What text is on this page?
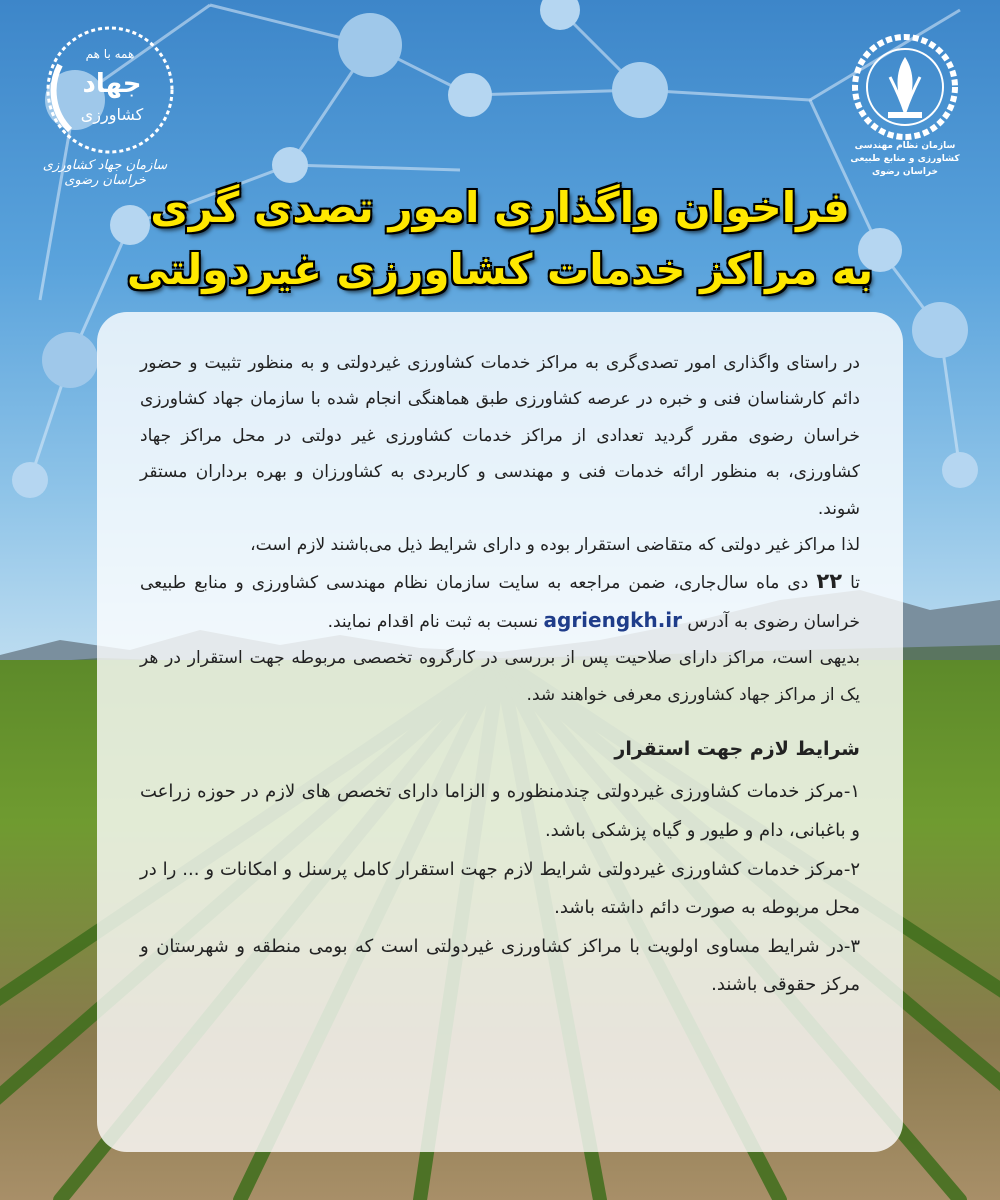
همه با هم
جهاد
کشاورزی
سازمان جهاد کشاورزی خراسان رضوی
سازمان نظام مهندسی کشاورزی و منابع طبیعی خراسان رضوی
فراخوان واگذاری امور تصدی گری
به مراکز خدمات کشاورزی غیردولتی

در راستای واگذاری امور تصدی‌گری به مراکز خدمات کشاورزی غیردولتی و به منظور تثبیت و حضور دائم کارشناسان فنی و خبره در عرصه کشاورزی طبق هماهنگی انجام شده با سازمان جهاد کشاورزی خراسان رضوی مقرر گردید تعدادی از مراکز خدمات کشاورزی غیر دولتی در محل مراکز جهاد کشاورزی، به منظور ارائه خدمات فنی و مهندسی و کاربردی به کشاورزان و بهره برداران مستقر شوند.

لذا مراکز غیر دولتی که متقاضی استقرار بوده و دارای شرایط ذیل می‌باشند لازم است،

تا ۲۲ دی ماه سال‌جاری، ضمن مراجعه به سایت سازمان نظام مهندسی کشاورزی و منابع طبیعی خراسان رضوی به آدرس agriengkh.ir نسبت به ثبت نام اقدام نمایند.

بدیهی است، مراکز دارای صلاحیت پس از بررسی در کارگروه تخصصی مربوطه جهت استقرار در هر یک از مراکز جهاد کشاورزی معرفی خواهند شد.

شرایط لازم جهت استقرار

۱-مرکز خدمات کشاورزی غیردولتی چندمنظوره و الزاما دارای تخصص های لازم در حوزه زراعت و باغبانی، دام و طیور و گیاه پزشکی باشد.

۲-مرکز خدمات کشاورزی غیردولتی شرایط لازم جهت استقرار کامل پرسنل و امکانات و ... را در محل مربوطه به صورت دائم داشته باشد.

۳-در شرایط مساوی اولویت با مراکز کشاورزی غیردولتی است که بومی منطقه و شهرستان و مرکز حقوقی باشند.
